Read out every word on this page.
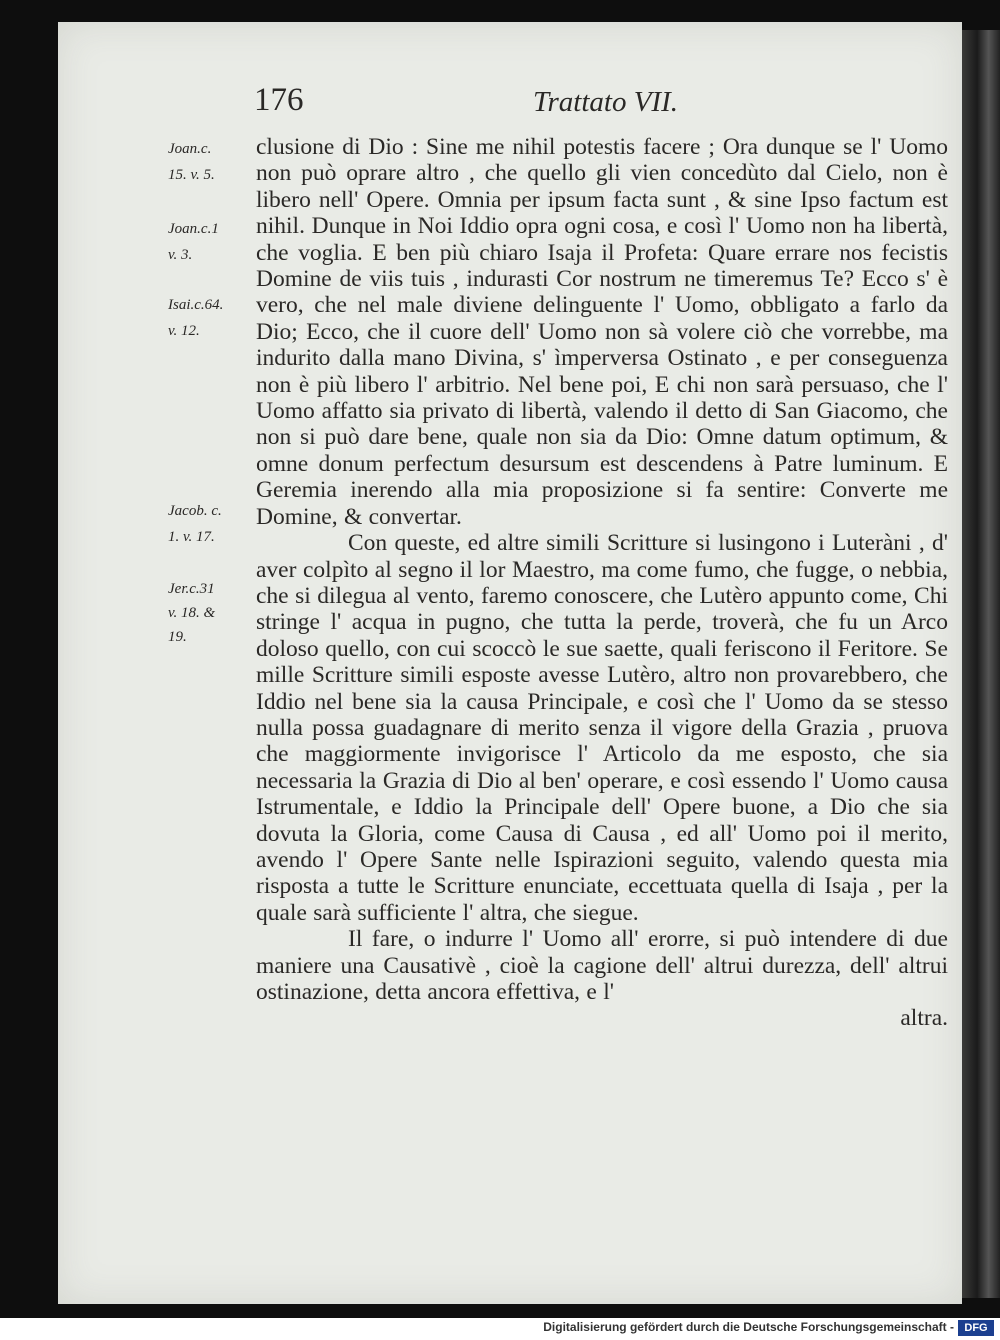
176	Trattato VII.

Joan.c.

15. v. 5.

Joan.c.1

v. 3.

Isai.c.64.

v. 12.

Jacob. c.

1. v. 17.

Jer.c.31

v. 18. &

19.

clusione di Dio : Sine me nihil potestis facere ; Ora dunque se l' Uomo non può oprare altro , che quello gli vien concedùto dal Cielo, non è libero nell' Opere. Omnia per ipsum facta sunt , & sine Ipso factum est nihil. Dunque in Noi Iddio opra ogni cosa, e così l' Uomo non ha libertà, che voglia. E ben più chiaro Isaja il Profeta: Quare errare nos fecistis Domine de viis tuis , indurasti Cor nostrum ne timeremus Te? Ecco s' è vero, che nel male diviene delinguente l' Uomo, obbligato a farlo da Dio; Ecco, che il cuore dell' Uomo non sà volere ciò che vorrebbe, ma indurito dalla mano Divina, s' ìmperversa Ostinato , e per conseguenza non è più libero l' arbitrio. Nel bene poi, E chi non sarà persuaso, che l' Uomo affatto sia privato di libertà, valendo il detto di San Giacomo, che non si può dare bene, quale non sia da Dio: Omne datum optimum, & omne donum perfectum desursum est descendens à Patre luminum. E Geremia inerendo alla mia proposizione si fa sentire: Converte me Domine, & convertar.

Con queste, ed altre simili Scritture si lusingono i Luteràni , d' aver colpìto al segno il lor Maestro, ma come fumo, che fugge, o nebbia, che si dilegua al vento, faremo conoscere, che Lutèro appunto come, Chi stringe l' acqua in pugno, che tutta la perde, troverà, che fu un Arco doloso quello, con cui scoccò le sue saette, quali feriscono il Feritore. Se mille Scritture simili esposte avesse Lutèro, altro non provarebbero, che Iddio nel bene sia la causa Principale, e così che l' Uomo da se stesso nulla possa guadagnare di merito senza il vigore della Grazia , pruova che maggiormente invigorisce l' Articolo da me esposto, che sia necessaria la Grazia di Dio al ben' operare, e così essendo l' Uomo causa Istrumentale, e Iddio la Principale dell' Opere buone, a Dio che sia dovuta la Gloria, come Causa di Causa , ed all' Uomo poi il merito, avendo l' Opere Sante nelle Ispirazioni seguito, valendo questa mia risposta a tutte le Scritture enunciate, eccettuata quella di Isaja , per la quale sarà sufficiente l' altra, che siegue.

Il fare, o indurre l' Uomo all' erorre, si può intendere di due maniere una Causativè , cioè la cagione dell' altrui durezza, dell' altrui ostinazione, detta ancora effettiva, e l'

altra.

Digitalisierung gefördert durch die Deutsche Forschungsgemeinschaft - DFG
